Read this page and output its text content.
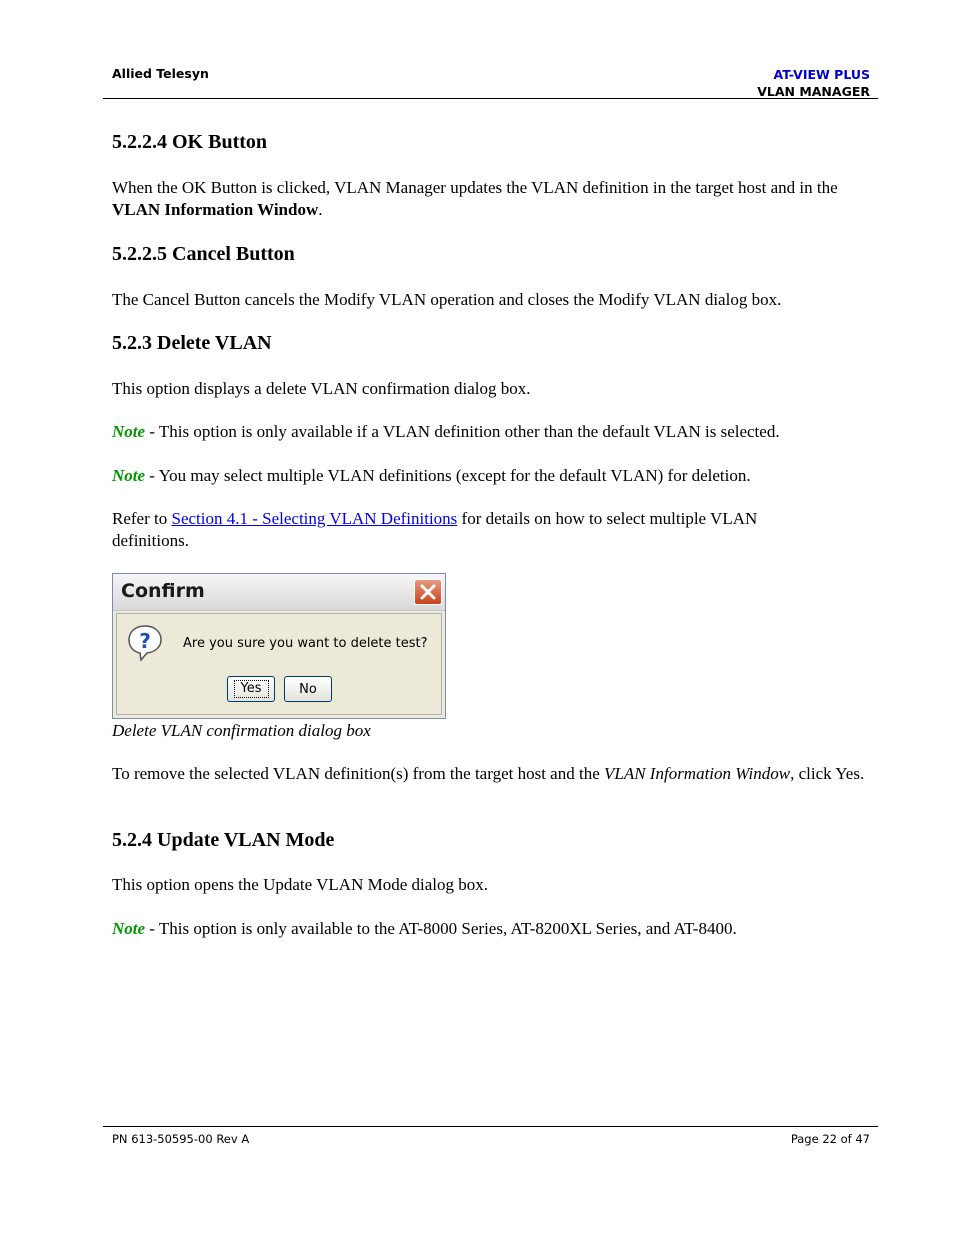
Allied Telesyn	AT-VIEW PLUS
VLAN MANAGER
5.2.2.4 OK Button

When the OK Button is clicked, VLAN Manager updates the VLAN definition in the target host and in the VLAN Information Window.

5.2.2.5 Cancel Button

The Cancel Button cancels the Modify VLAN operation and closes the Modify VLAN dialog box.

5.2.3 Delete VLAN

This option displays a delete VLAN confirmation dialog box.

Note - This option is only available if a VLAN definition other than the default VLAN is selected.

Note - You may select multiple VLAN definitions (except for the default VLAN) for deletion.

Refer to Section 4.1 - Selecting VLAN Definitions for details on how to select multiple VLAN definitions.

Confirm
? Are you sure you want to delete test?
Yes	No

Delete VLAN confirmation dialog box

To remove the selected VLAN definition(s) from the target host and the VLAN Information Window, click Yes.

5.2.4 Update VLAN Mode

This option opens the Update VLAN Mode dialog box.

Note - This option is only available to the AT-8000 Series, AT-8200XL Series, and AT-8400.

PN 613-50595-00 Rev A	Page 22 of 47
